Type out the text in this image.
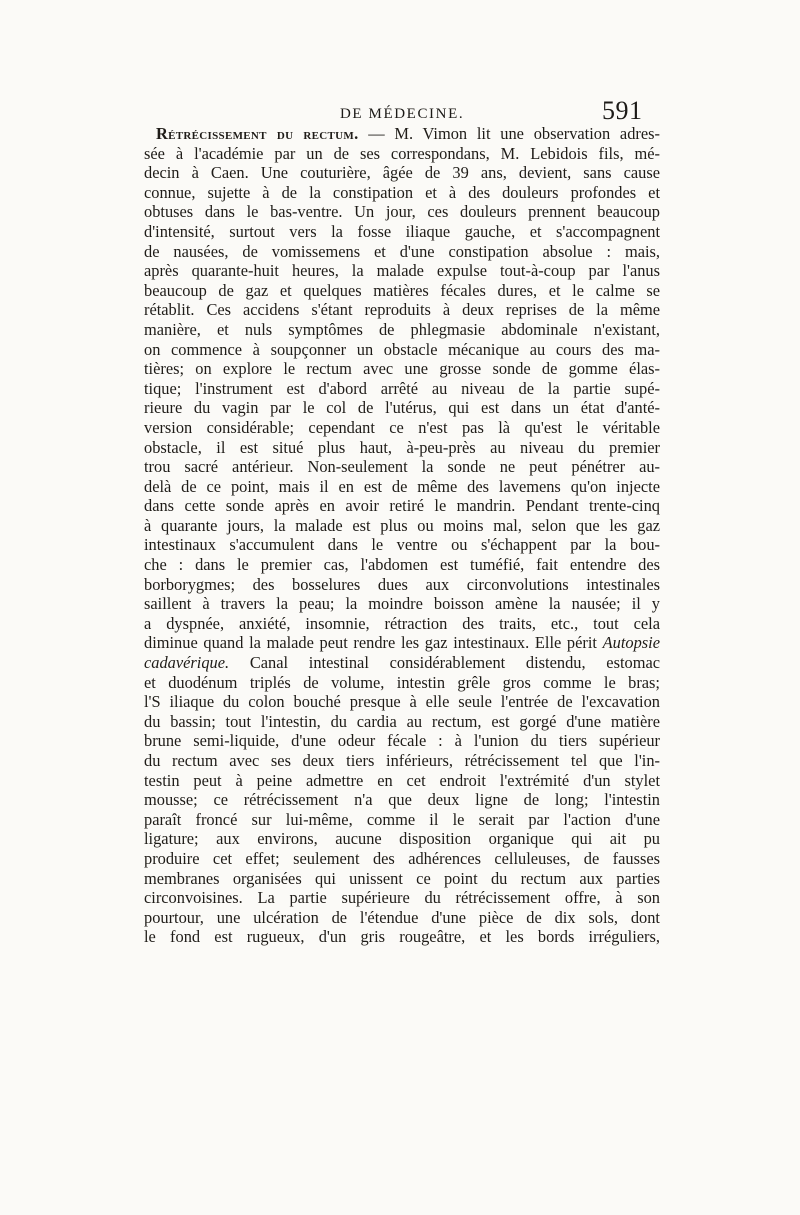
DE MÉDECINE.	591
Rétrécissement du rectum. — M. Vimon lit une observation adres-
sée à l'académie par un de ses correspondans, M. Lebidois fils, mé-
decin à Caen. Une couturière, âgée de 39 ans, devient, sans cause
connue, sujette à de la constipation et à des douleurs profondes et
obtuses dans le bas-ventre. Un jour, ces douleurs prennent beaucoup
d'intensité, surtout vers la fosse iliaque gauche, et s'accompagnent
de nausées, de vomissemens et d'une constipation absolue : mais,
après quarante-huit heures, la malade expulse tout-à-coup par l'anus
beaucoup de gaz et quelques matières fécales dures, et le calme se
rétablit. Ces accidens s'étant reproduits à deux reprises de la même
manière, et nuls symptômes de phlegmasie abdominale n'existant,
on commence à soupçonner un obstacle mécanique au cours des ma-
tières; on explore le rectum avec une grosse sonde de gomme élas-
tique; l'instrument est d'abord arrêté au niveau de la partie supé-
rieure du vagin par le col de l'utérus, qui est dans un état d'anté-
version considérable; cependant ce n'est pas là qu'est le véritable
obstacle, il est situé plus haut, à-peu-près au niveau du premier
trou sacré antérieur. Non-seulement la sonde ne peut pénétrer au-
delà de ce point, mais il en est de même des lavemens qu'on injecte
dans cette sonde après en avoir retiré le mandrin. Pendant trente-cinq
à quarante jours, la malade est plus ou moins mal, selon que les gaz
intestinaux s'accumulent dans le ventre ou s'échappent par la bou-
che : dans le premier cas, l'abdomen est tuméfié, fait entendre des
borborygmes; des bosselures dues aux circonvolutions intestinales
saillent à travers la peau; la moindre boisson amène la nausée; il y
a dyspnée, anxiété, insomnie, rétraction des traits, etc., tout cela
diminue quand la malade peut rendre les gaz intestinaux. Elle périt Autopsie
cadavérique. Canal intestinal considérablement distendu, estomac
et duodénum triplés de volume, intestin grêle gros comme le bras;
l'S iliaque du colon bouché presque à elle seule l'entrée de l'excavation
du bassin; tout l'intestin, du cardia au rectum, est gorgé d'une matière
brune semi-liquide, d'une odeur fécale : à l'union du tiers supérieur
du rectum avec ses deux tiers inférieurs, rétrécissement tel que l'in-
testin peut à peine admettre en cet endroit l'extrémité d'un stylet
mousse; ce rétrécissement n'a que deux ligne de long; l'intestin
paraît froncé sur lui-même, comme il le serait par l'action d'une
ligature; aux environs, aucune disposition organique qui ait pu
produire cet effet; seulement des adhérences celluleuses, de fausses
membranes organisées qui unissent ce point du rectum aux parties
circonvoisines. La partie supérieure du rétrécissement offre, à son
pourtour, une ulcération de l'étendue d'une pièce de dix sols, dont
le fond est rugueux, d'un gris rougeâtre, et les bords irréguliers,
